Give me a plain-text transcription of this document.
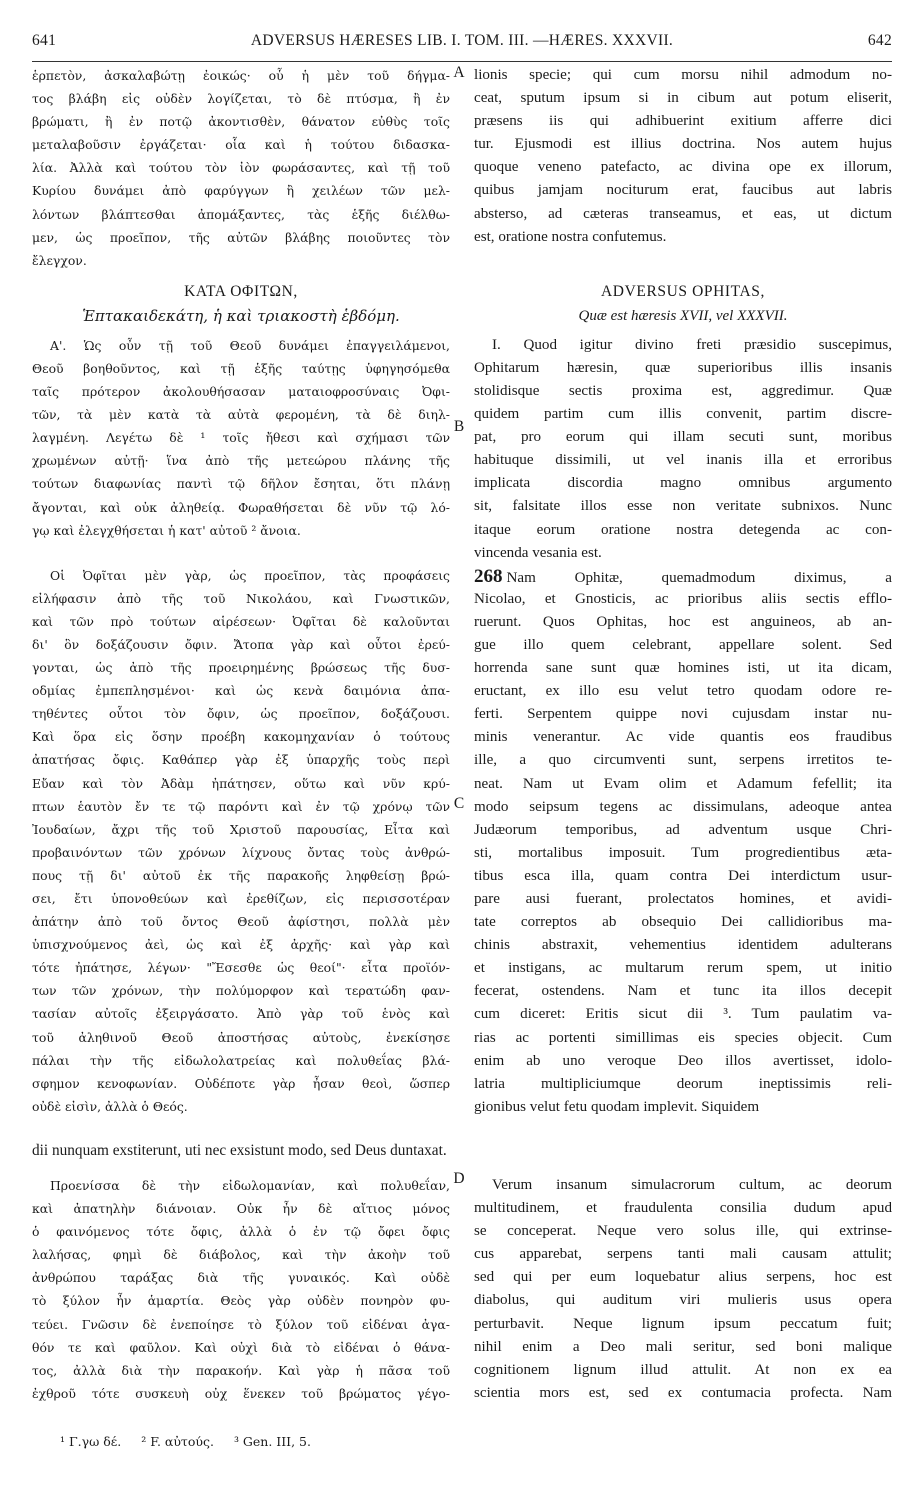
641	ADVERSUS HÆRESES LIB. I. TOM. III. —HÆRES. XXXVII.	642
A
B
C
D
ἑρπετὸν, ἀσκαλαβώτῃ ἐοικώς· οὗ ἡ μὲν τοῦ δήγμα-
τος βλάβη εἰς οὐδὲν λογίζεται, τὸ δὲ πτύσμα, ἢ ἐν
βρώματι, ἢ ἐν ποτῷ ἀκοντισθὲν, θάνατον εὐθὺς τοῖς
μεταλαβοῦσιν ἐργάζεται· οἷα καὶ ἡ τούτου διδασκα-
λία. Ἀλλὰ καὶ τούτου τὸν ἰὸν φωράσαντες, καὶ τῇ τοῦ
Κυρίου δυνάμει ἀπὸ φαρύγγων ἢ χειλέων τῶν μελ-
λόντων βλάπτεσθαι ἀπομάξαντες, τὰς ἑξῆς διέλθω-
μεν, ὡς προεῖπον, τῆς αὐτῶν βλάβης ποιοῦντες τὸν
ἔλεγχον.
ΚΑΤΑ ΟΦΙΤΩΝ,
Ἑπτακαιδεκάτη, ἡ καὶ τριακοστὴ ἑβδόμη.
Α'. Ὡς οὖν τῇ τοῦ Θεοῦ δυνάμει ἐπαγγειλάμενοι,
Θεοῦ βοηθοῦντος, καὶ τῇ ἑξῆς ταύτῃς ὑφηγησόμεθα
ταῖς πρότερον ἀκολουθήσασαν ματαιοφροσύναις Ὀφι-
τῶν, τὰ μὲν κατὰ τὰ αὐτὰ φερομένη, τὰ δὲ διηλ-
λαγμένη. Λεγέτω δὲ ¹ τοῖς ἤθεσι καὶ σχήμασι τῶν
χρωμένων αὐτῇ· ἵνα ἀπὸ τῆς μετεώρου πλάνης τῆς
τούτων διαφωνίας παντὶ τῷ δῆλον ἔσηται, ὅτι πλάνῃ
ἄγονται, καὶ οὐκ ἀληθείᾳ. Φωραθήσεται δὲ νῦν τῷ λό-
γῳ καὶ ἐλεγχθήσεται ἡ κατ' αὐτοῦ ² ἄνοια.
Οἱ Ὀφῖται μὲν γὰρ, ὡς προεῖπον, τὰς προφάσεις
εἰλήφασιν ἀπὸ τῆς τοῦ Νικολάου, καὶ Γνωστικῶν,
καὶ τῶν πρὸ τούτων αἱρέσεων· Ὀφῖται δὲ καλοῦνται
δι' ὃν δοξάζουσιν ὄφιν. Ἄτοπα γὰρ καὶ οὗτοι ἐρεύ-
γονται, ὡς ἀπὸ τῆς προειρημένης βρώσεως τῆς δυσ-
οδμίας ἐμπεπλησμένοι· καὶ ὡς κενὰ δαιμόνια ἀπα-
τηθέντες οὗτοι τὸν ὄφιν, ὡς προεῖπον, δοξάζουσι.
Καὶ ὅρα εἰς ὅσην προέβη κακομηχανίαν ὁ τούτους
ἀπατήσας ὄφις. Καθάπερ γὰρ ἐξ ὑπαρχῆς τοὺς περὶ
Εὔαν καὶ τὸν Ἀδὰμ ἠπάτησεν, οὕτω καὶ νῦν κρύ-
πτων ἑαυτὸν ἔν τε τῷ παρόντι καὶ ἐν τῷ χρόνῳ τῶν
Ἰουδαίων, ἄχρι τῆς τοῦ Χριστοῦ παρουσίας, Εἶτα καὶ
προβαινόντων τῶν χρόνων λίχνους ὄντας τοὺς ἀνθρώ-
πους τῇ δι' αὐτοῦ ἐκ τῆς παρακοῆς ληφθείσῃ βρώ-
σει, ἔτι ὑπονοθεύων καὶ ἐρεθίζων, εἰς περισσοτέραν
ἀπάτην ἀπὸ τοῦ ὄντος Θεοῦ ἀφίστησι, πολλὰ μὲν
ὑπισχνούμενος ἀεὶ, ὡς καὶ ἐξ ἀρχῆς· καὶ γὰρ καὶ
τότε ἠπάτησε, λέγων· "Ἔσεσθε ὡς θεοί"· εἶτα προϊόν-
των τῶν χρόνων, τὴν πολύμορφον καὶ τερατώδη φαν-
τασίαν αὐτοῖς ἐξειργάσατο. Ἀπὸ γὰρ τοῦ ἑνὸς καὶ
τοῦ ἀληθινοῦ Θεοῦ ἀποστήσας αὐτοὺς, ἐνεκίσησε
πάλαι τὴν τῆς εἰδωλολατρείας καὶ πολυθεΐας βλά-
σφημον κενοφωνίαν. Οὐδέποτε γὰρ ἦσαν θεοὶ, ὥσπερ
οὐδὲ εἰσὶν, ἀλλὰ ὁ Θεός.
dii nunquam exstiterunt, uti nec exsistunt modo, sed Deus duntaxat.
Προενίσσα δὲ τὴν εἰδωλομανίαν, καὶ πολυθεΐαν,
καὶ ἀπατηλὴν διάνοιαν. Οὐκ ἦν δὲ αἴτιος μόνος
ὁ φαινόμενος τότε ὄφις, ἀλλὰ ὁ ἐν τῷ ὄφει ὄφις
λαλήσας, φημὶ δὲ διάβολος, καὶ τὴν ἀκοὴν τοῦ
ἀνθρώπου ταράξας διὰ τῆς γυναικός. Καὶ οὐδὲ
τὸ ξύλον ἦν ἁμαρτία. Θεὸς γὰρ οὐδὲν πονηρὸν φυ-
τεύει. Γνῶσιν δὲ ἐνεποίησε τὸ ξύλον τοῦ εἰδέναι ἀγα-
θόν τε καὶ φαῦλον. Καὶ οὐχὶ διὰ τὸ εἰδέναι ὁ θάνα-
τος, ἀλλὰ διὰ τὴν παρακοήν. Καὶ γὰρ ἡ πᾶσα τοῦ
ἐχθροῦ τότε συσκευὴ οὐχ ἕνεκεν τοῦ βρώματος γέγο-
lionis specie; qui cum morsu nihil admodum no-
ceat, sputum ipsum si in cibum aut potum eliserit,
præsens iis qui adhibuerint exitium afferre dici
tur. Ejusmodi est illius doctrina. Nos autem hujus
quoque veneno patefacto, ac divina ope ex illorum,
quibus jamjam nociturum erat, faucibus aut labris
absterso, ad cæteras transeamus, et eas, ut dictum
est, oratione nostra confutemus.
ADVERSUS OPHITAS,
Quæ est hæresis XVII, vel XXXVII.
I. Quod igitur divino freti præsidio suscepimus,
Ophitarum hæresin, quæ superioribus illis insanis
stolidisque sectis proxima est, aggredimur. Quæ
quidem partim cum illis convenit, partim discre-
pat, pro eorum qui illam secuti sunt, moribus
habituque dissimili, ut vel inanis illa et erroribus
implicata discordia magno omnibus argumento
sit, falsitate illos esse non veritate subnixos. Nunc
itaque eorum oratione nostra detegenda ac con-
vincenda vesania est.
268 Nam Ophitæ, quemadmodum diximus, a
Nicolao, et Gnosticis, ac prioribus aliis sectis efflo-
ruerunt. Quos Ophitas, hoc est anguineos, ab an-
gue illo quem celebrant, appellare solent. Sed
horrenda sane sunt quæ homines isti, ut ita dicam,
eructant, ex illo esu velut tetro quodam odore re-
ferti. Serpentem quippe novi cujusdam instar nu-
minis venerantur. Ac vide quantis eos fraudibus
ille, a quo circumventi sunt, serpens irretitos te-
neat. Nam ut Evam olim et Adamum fefellit; ita
modo seipsum tegens ac dissimulans, adeoque antea
Judæorum temporibus, ad adventum usque Chri-
sti, mortalibus imposuit. Tum progredientibus æta-
tibus esca illa, quam contra Dei interdictum usur-
pare ausi fuerant, prolectatos homines, et avidi-
tate correptos ab obsequio Dei callidioribus ma-
chinis abstraxit, vehementius identidem adulterans
et instigans, ac multarum rerum spem, ut initio
fecerat, ostendens. Nam et tunc ita illos decepit
cum diceret: Eritis sicut dii ³. Tum paulatim va-
rias ac portenti simillimas eis species objecit. Cum
enim ab uno veroque Deo illos avertisset, idolo-
latria multipliciumque deorum ineptissimis reli-
gionibus velut fetu quodam implevit. Siquidem
Verum insanum simulacrorum cultum, ac deorum
multitudinem, et fraudulenta consilia dudum apud
se conceperat. Neque vero solus ille, qui extrinse-
cus apparebat, serpens tanti mali causam attulit;
sed qui per eum loquebatur alius serpens, hoc est
diabolus, qui auditum viri mulieris usus opera
perturbavit. Neque lignum ipsum peccatum fuit;
nihil enim a Deo mali seritur, sed boni malique
cognitionem lignum illud attulit. At non ex ea
scientia mors est, sed ex contumacia profecta. Nam
¹ Γ.γω δέ. ² F. αὐτούς. ³ Gen. III, 5.
